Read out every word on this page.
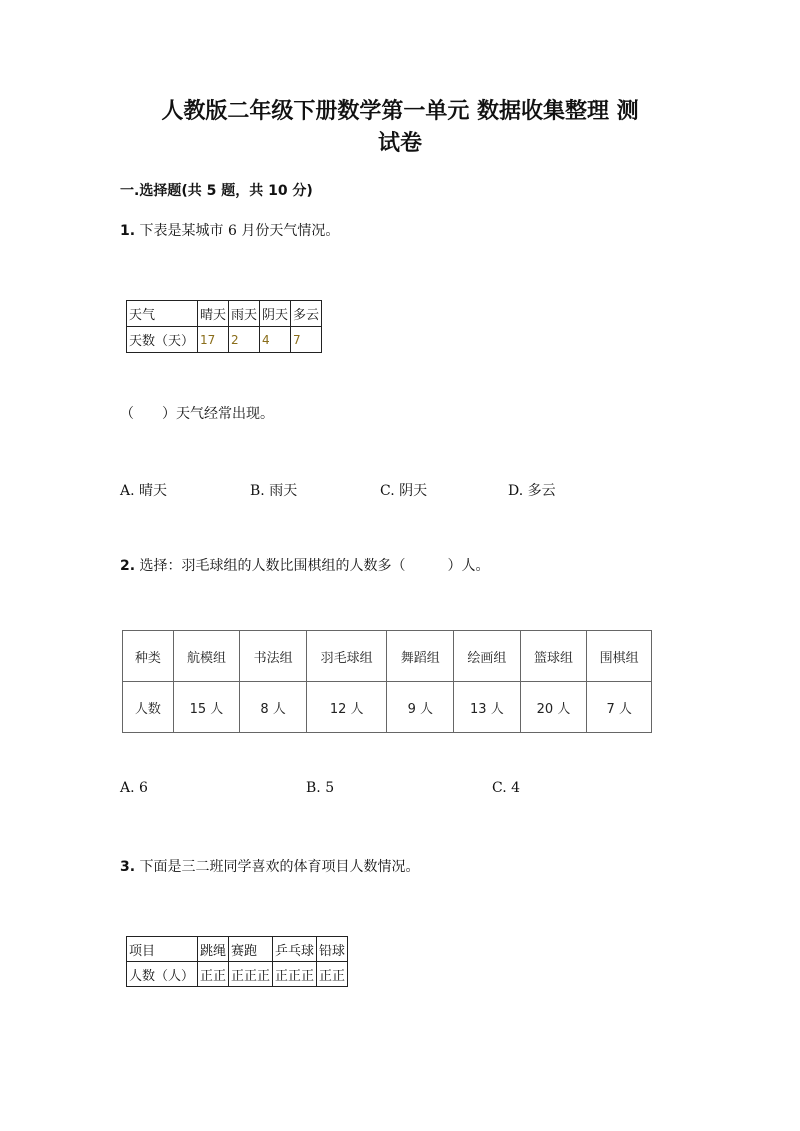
人教版二年级下册数学第一单元 数据收集整理 测
试卷
一.选择题(共 5 题，共 10 分)
1. 下表是某城市 6 月份天气情况。
天气	晴天	雨天	阴天	多云
天数（天）	17	2	4	7
（　　）天气经常出现。
A. 晴天	B. 雨天	C. 阴天	D. 多云
2. 选择：羽毛球组的人数比围棋组的人数多（　　　）人。
种类	航模组	书法组	羽毛球组	舞蹈组	绘画组	篮球组	围棋组
人数	15 人	8 人	12 人	9 人	13 人	20 人	7 人
A. 6	B. 5	C. 4
3. 下面是三二班同学喜欢的体育项目人数情况。
项目	跳绳	赛跑	乒乓球	铅球
人数（人）	正正	正正正	正正正	正正
